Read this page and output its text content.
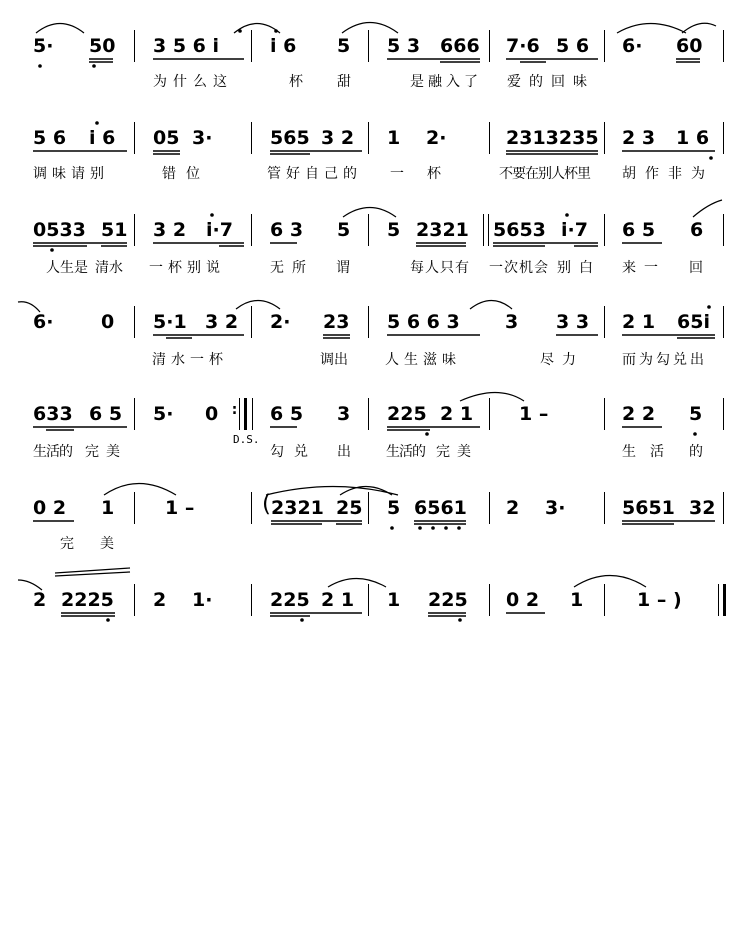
5· 50 3 5 6 i	i 6 5 5 3 666 7·6 5 6 6· 60
为什么这	杯 甜	是融入了 爱的回味
5 6 i 6 05 3·	565 3 2 1 2·	2313235 2 3 1 6
调味请别	错位	管好自己的 一 杯	不要在别人杯里 胡作非为
0533 51 3 2 i·7 6 3 5 5 2321 5653 i·7 6 5 6
人生是 清水 一杯别说	无所 谓	每人只有 一次机会 别白 来一 回
6·	0 5·1 3 2 2· 23 5 6 6 3 3 3 3 2 1 65i
清水一杯	调出	人生滋味	尽力	而为勾兑出
633 6 5 5· 0 :
D.S.
6 5 3 225 2 1 1 –	2 2 5
生活的 完美	勾兑 出	生活的 完美	生 活 的
0 2 1	1 –	( 2321 25 5 6561 2 3·	5651 32
完 美
2 2225 2 1·	225 2 1 1 225 0 2 1	1 – )
